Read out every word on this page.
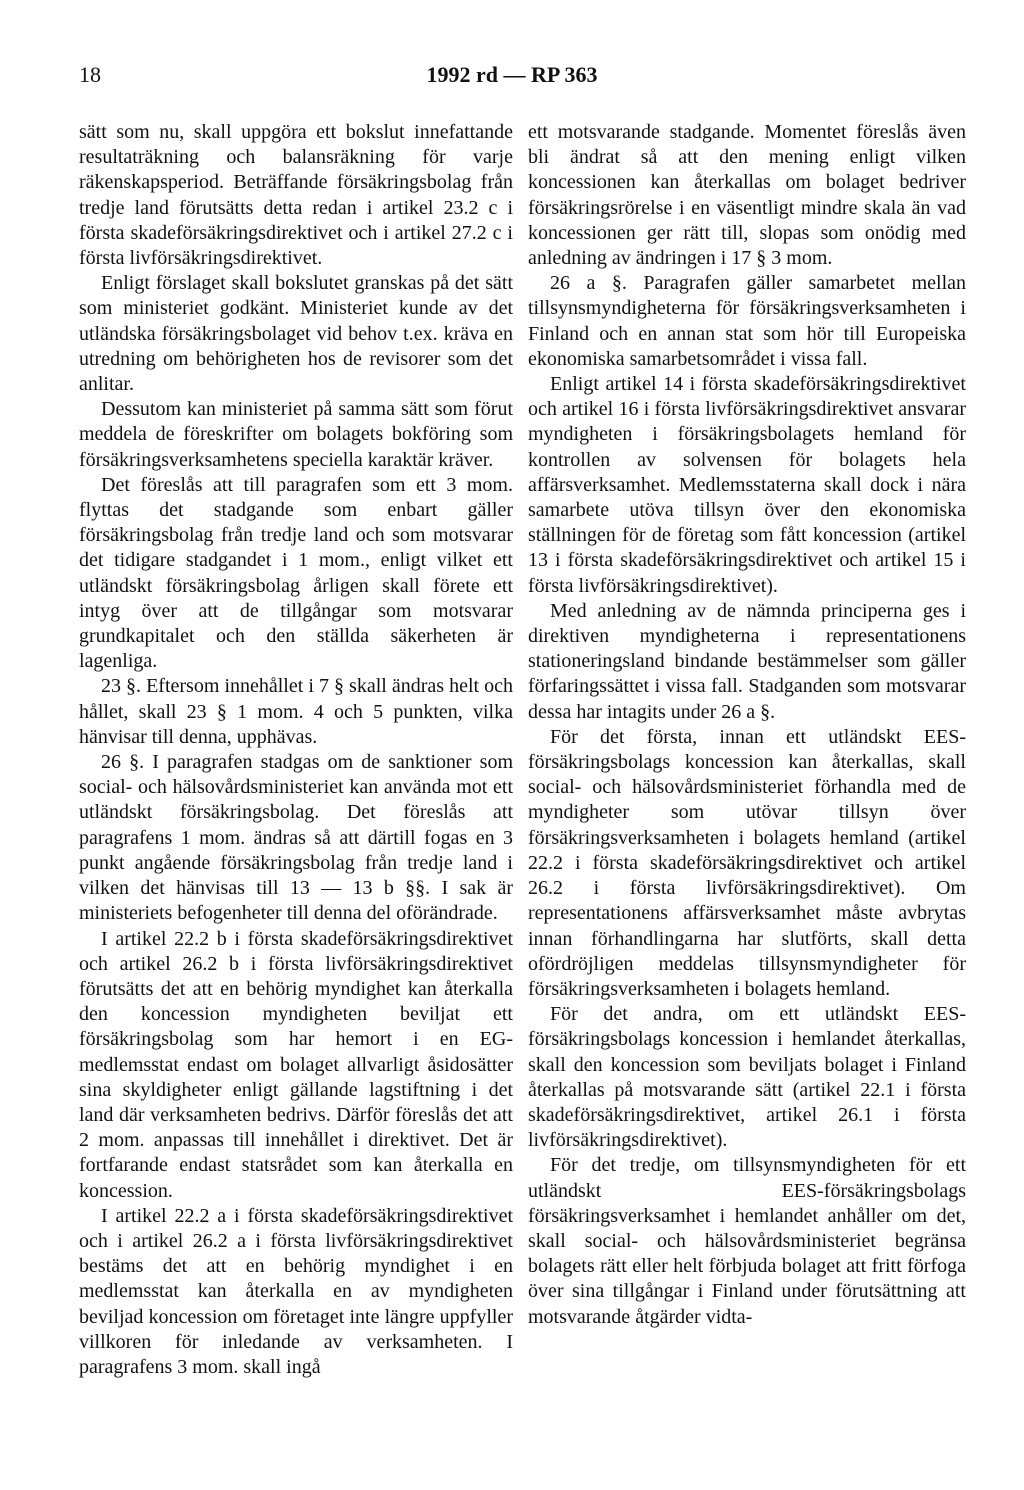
18	1992 rd — RP 363

sätt som nu, skall uppgöra ett bokslut innefattande resultaträkning och balansräkning för varje räkenskapsperiod. Beträffande försäkringsbolag från tredje land förutsätts detta redan i artikel 23.2 c i första skadeförsäkringsdirektivet och i artikel 27.2 c i första livförsäkringsdirektivet.

Enligt förslaget skall bokslutet granskas på det sätt som ministeriet godkänt. Ministeriet kunde av det utländska försäkringsbolaget vid behov t.ex. kräva en utredning om behörigheten hos de revisorer som det anlitar.

Dessutom kan ministeriet på samma sätt som förut meddela de föreskrifter om bolagets bokföring som försäkringsverksamhetens speciella karaktär kräver.

Det föreslås att till paragrafen som ett 3 mom. flyttas det stadgande som enbart gäller försäkringsbolag från tredje land och som motsvarar det tidigare stadgandet i 1 mom., enligt vilket ett utländskt försäkringsbolag årligen skall förete ett intyg över att de tillgångar som motsvarar grundkapitalet och den ställda säkerheten är lagenliga.

23 §. Eftersom innehållet i 7 § skall ändras helt och hållet, skall 23 § 1 mom. 4 och 5 punkten, vilka hänvisar till denna, upphävas.

26 §. I paragrafen stadgas om de sanktioner som social- och hälsovårdsministeriet kan använda mot ett utländskt försäkringsbolag. Det föreslås att paragrafens 1 mom. ändras så att därtill fogas en 3 punkt angående försäkringsbolag från tredje land i vilken det hänvisas till 13 — 13 b §§. I sak är ministeriets befogenheter till denna del oförändrade.

I artikel 22.2 b i första skadeförsäkringsdirektivet och artikel 26.2 b i första livförsäkringsdirektivet förutsätts det att en behörig myndighet kan återkalla den koncession myndigheten beviljat ett försäkringsbolag som har hemort i en EG-medlemsstat endast om bolaget allvarligt åsidosätter sina skyldigheter enligt gällande lagstiftning i det land där verksamheten bedrivs. Därför föreslås det att 2 mom. anpassas till innehållet i direktivet. Det är fortfarande endast statsrådet som kan återkalla en koncession.

I artikel 22.2 a i första skadeförsäkringsdirektivet och i artikel 26.2 a i första livförsäkringsdirektivet bestäms det att en behörig myndighet i en medlemsstat kan återkalla en av myndigheten beviljad koncession om företaget inte längre uppfyller villkoren för inledande av verksamheten. I paragrafens 3 mom. skall ingå

ett motsvarande stadgande. Momentet föreslås även bli ändrat så att den mening enligt vilken koncessionen kan återkallas om bolaget bedriver försäkringsrörelse i en väsentligt mindre skala än vad koncessionen ger rätt till, slopas som onödig med anledning av ändringen i 17 § 3 mom.

26 a §. Paragrafen gäller samarbetet mellan tillsynsmyndigheterna för försäkringsverksamheten i Finland och en annan stat som hör till Europeiska ekonomiska samarbetsområdet i vissa fall.

Enligt artikel 14 i första skadeförsäkringsdirektivet och artikel 16 i första livförsäkringsdirektivet ansvarar myndigheten i försäkringsbolagets hemland för kontrollen av solvensen för bolagets hela affärsverksamhet. Medlemsstaterna skall dock i nära samarbete utöva tillsyn över den ekonomiska ställningen för de företag som fått koncession (artikel 13 i första skadeförsäkringsdirektivet och artikel 15 i första livförsäkringsdirektivet).

Med anledning av de nämnda principerna ges i direktiven myndigheterna i representationens stationeringsland bindande bestämmelser som gäller förfaringssättet i vissa fall. Stadganden som motsvarar dessa har intagits under 26 a §.

För det första, innan ett utländskt EES-försäkringsbolags koncession kan återkallas, skall social- och hälsovårdsministeriet förhandla med de myndigheter som utövar tillsyn över försäkringsverksamheten i bolagets hemland (artikel 22.2 i första skadeförsäkringsdirektivet och artikel 26.2 i första livförsäkringsdirektivet). Om representationens affärsverksamhet måste avbrytas innan förhandlingarna har slutförts, skall detta ofördröjligen meddelas tillsynsmyndigheter för försäkringsverksamheten i bolagets hemland.

För det andra, om ett utländskt EES-försäkringsbolags koncession i hemlandet återkallas, skall den koncession som beviljats bolaget i Finland återkallas på motsvarande sätt (artikel 22.1 i första skadeförsäkringsdirektivet, artikel 26.1 i första livförsäkringsdirektivet).

För det tredje, om tillsynsmyndigheten för ett utländskt EES-försäkringsbolags försäkringsverksamhet i hemlandet anhåller om det, skall social- och hälsovårdsministeriet begränsa bolagets rätt eller helt förbjuda bolaget att fritt förfoga över sina tillgångar i Finland under förutsättning att motsvarande åtgärder vidta-
